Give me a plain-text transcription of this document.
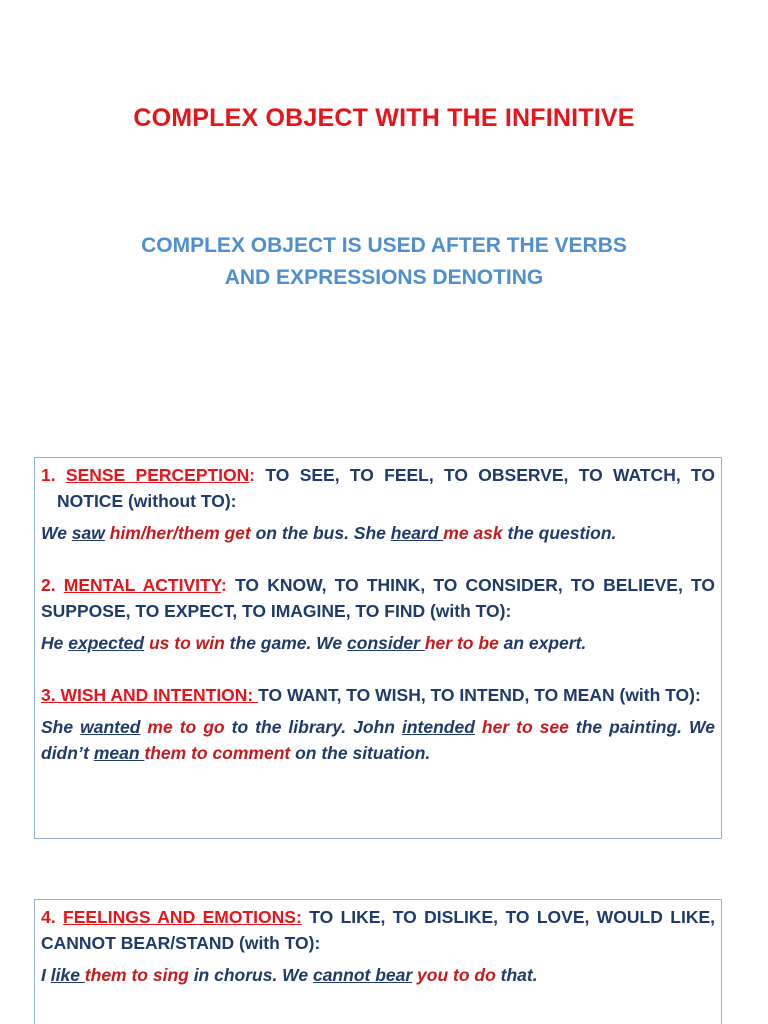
COMPLEX OBJECT WITH THE INFINITIVE
COMPLEX OBJECT IS USED AFTER THE VERBS
AND EXPRESSIONS DENOTING

1. SENSE PERCEPTION: TO SEE, TO FEEL, TO OBSERVE, TO WATCH, TO NOTICE (without TO):

We saw him/her/them get on the bus. She heard me ask the question.

2. MENTAL ACTIVITY: TO KNOW, TO THINK, TO CONSIDER, TO BELIEVE, TO SUPPOSE, TO EXPECT, TO IMAGINE, TO FIND (with TO):

He expected us to win the game. We consider her to be an expert.

3. WISH AND INTENTION: TO WANT, TO WISH, TO INTEND, TO MEAN (with TO):

She wanted me to go to the library. John intended her to see the painting. We didn’t mean them to comment on the situation.

4. FEELINGS AND EMOTIONS: TO LIKE, TO DISLIKE, TO LOVE, WOULD LIKE, CANNOT BEAR/STAND (with TO):

I like them to sing in chorus. We cannot bear you to do that.
